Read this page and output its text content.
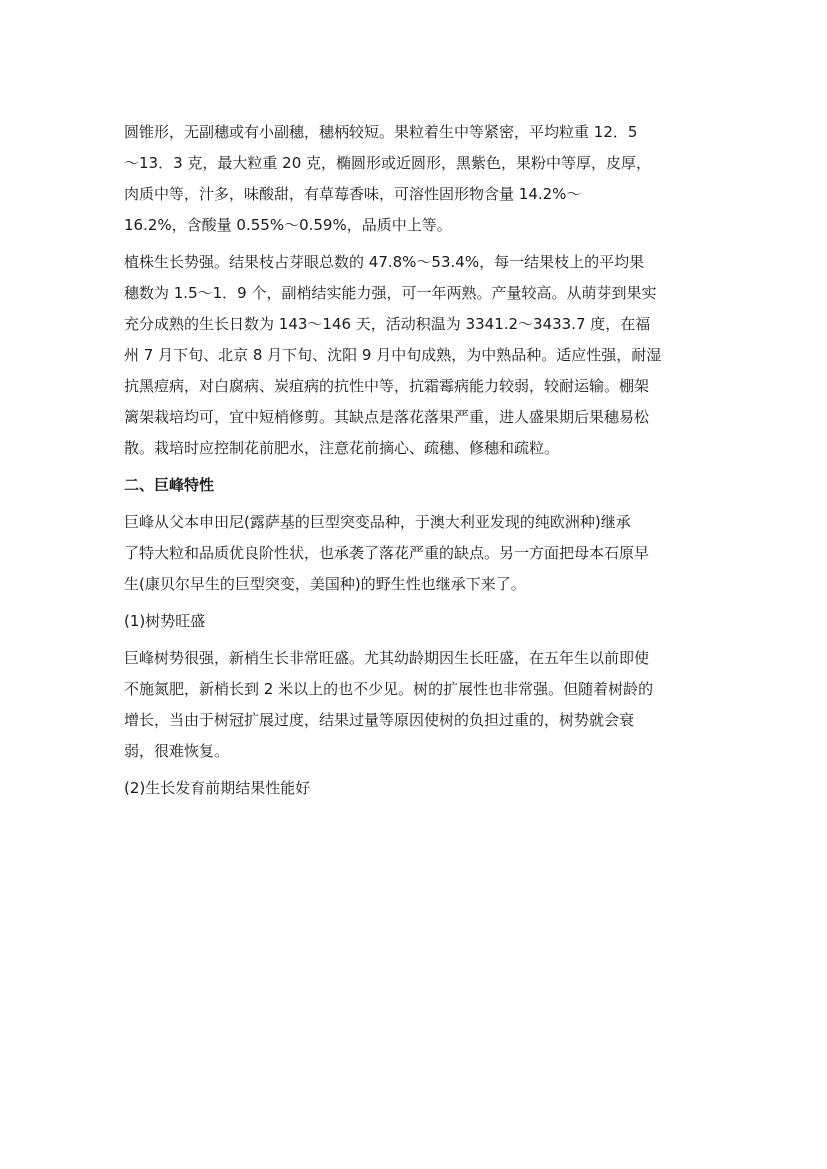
圆锥形，无副穗或有小副穗，穗柄较短。果粒着生中等紧密，平均粒重 12．5
～13．3 克，最大粒重 20 克，椭圆形或近圆形，黑紫色，果粉中等厚，皮厚，
肉质中等，汁多，味酸甜，有草莓香味，可溶性固形物含量 14.2%～
16.2%，含酸量 0.55%～0.59%，品质中上等。
植株生长势强。结果枝占芽眼总数的 47.8%～53.4%，每一结果枝上的平均果
穗数为 1.5～1．9 个，副梢结实能力强，可一年两熟。产量较高。从萌芽到果实
充分成熟的生长日数为 143～146 天，活动积温为 3341.2～3433.7 度，在福
州 7 月下旬、北京 8 月下旬、沈阳 9 月中旬成熟，为中熟品种。适应性强，耐湿
抗黑痘病，对白腐病、炭疽病的抗性中等，抗霜霉病能力较弱，较耐运输。棚架
篱架栽培均可，宜中短梢修剪。其缺点是落花落果严重，进人盛果期后果穗易松
散。栽培时应控制花前肥水，注意花前摘心、疏穗、修穗和疏粒。
二、巨峰特性
巨峰从父本申田尼(露萨基的巨型突变品种，于澳大利亚发现的纯欧洲种)继承
了特大粒和品质优良阶性状，也承袭了落花严重的缺点。另一方面把母本石原早
生(康贝尔早生的巨型突变，美国种)的野生性也继承下来了。
(1)树势旺盛
巨峰树势很强，新梢生长非常旺盛。尤其幼龄期因生长旺盛，在五年生以前即使
不施氮肥，新梢长到 2 米以上的也不少见。树的扩展性也非常强。但随着树龄的
增长，当由于树冠扩展过度，结果过量等原因使树的负担过重的，树势就会衰
弱，很难恢复。
(2)生长发育前期结果性能好
